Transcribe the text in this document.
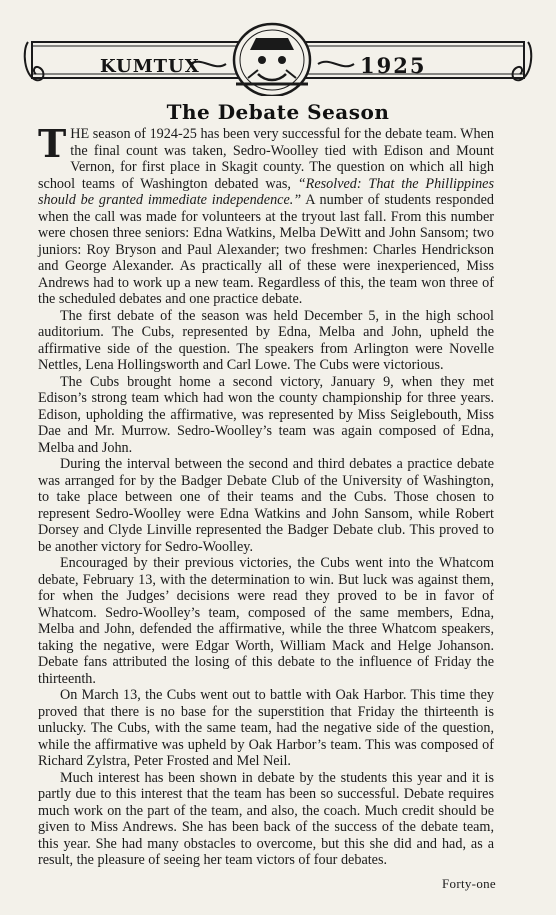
KUMTUX	1925
The Debate Season

THE season of 1924-25 has been very successful for the debate team. When the final count was taken, Sedro-Woolley tied with Edison and Mount Vernon, for first place in Skagit county. The question on which all high school teams of Washington debated was, “Resolved: That the Phillippines should be granted immediate independence.” A number of students responded when the call was made for volunteers at the tryout last fall. From this number were chosen three seniors: Edna Watkins, Melba DeWitt and John Sansom; two juniors: Roy Bryson and Paul Alexander; two freshmen: Charles Hendrickson and George Alexander. As practically all of these were inexperienced, Miss Andrews had to work up a new team. Regardless of this, the team won three of the scheduled debates and one practice debate.

The first debate of the season was held December 5, in the high school auditorium. The Cubs, represented by Edna, Melba and John, upheld the affirmative side of the question. The speakers from Arlington were Novelle Nettles, Lena Hollingsworth and Carl Lowe. The Cubs were victorious.

The Cubs brought home a second victory, January 9, when they met Edison’s strong team which had won the county championship for three years. Edison, upholding the affirmative, was represented by Miss Seiglebouth, Miss Dae and Mr. Murrow. Sedro-Woolley’s team was again composed of Edna, Melba and John.

During the interval between the second and third debates a practice debate was arranged for by the Badger Debate Club of the University of Washington, to take place between one of their teams and the Cubs. Those chosen to represent Sedro-Woolley were Edna Watkins and John Sansom, while Robert Dorsey and Clyde Linville represented the Badger Debate club. This proved to be another victory for Sedro-Woolley.

Encouraged by their previous victories, the Cubs went into the Whatcom debate, February 13, with the determination to win. But luck was against them, for when the Judges’ decisions were read they proved to be in favor of Whatcom. Sedro-Woolley’s team, composed of the same members, Edna, Melba and John, defended the affirmative, while the three Whatcom speakers, taking the negative, were Edgar Worth, William Mack and Helge Johanson. Debate fans attributed the losing of this debate to the influence of Friday the thirteenth.

On March 13, the Cubs went out to battle with Oak Harbor. This time they proved that there is no base for the superstition that Friday the thirteenth is unlucky. The Cubs, with the same team, had the negative side of the question, while the affirmative was upheld by Oak Harbor’s team. This was composed of Richard Zylstra, Peter Frosted and Mel Neil.

Much interest has been shown in debate by the students this year and it is partly due to this interest that the team has been so successful. Debate requires much work on the part of the team, and also, the coach. Much credit should be given to Miss Andrews. She has been back of the success of the debate team, this year. She had many obstacles to overcome, but this she did and had, as a result, the pleasure of seeing her team victors of four debates.

Forty-one
